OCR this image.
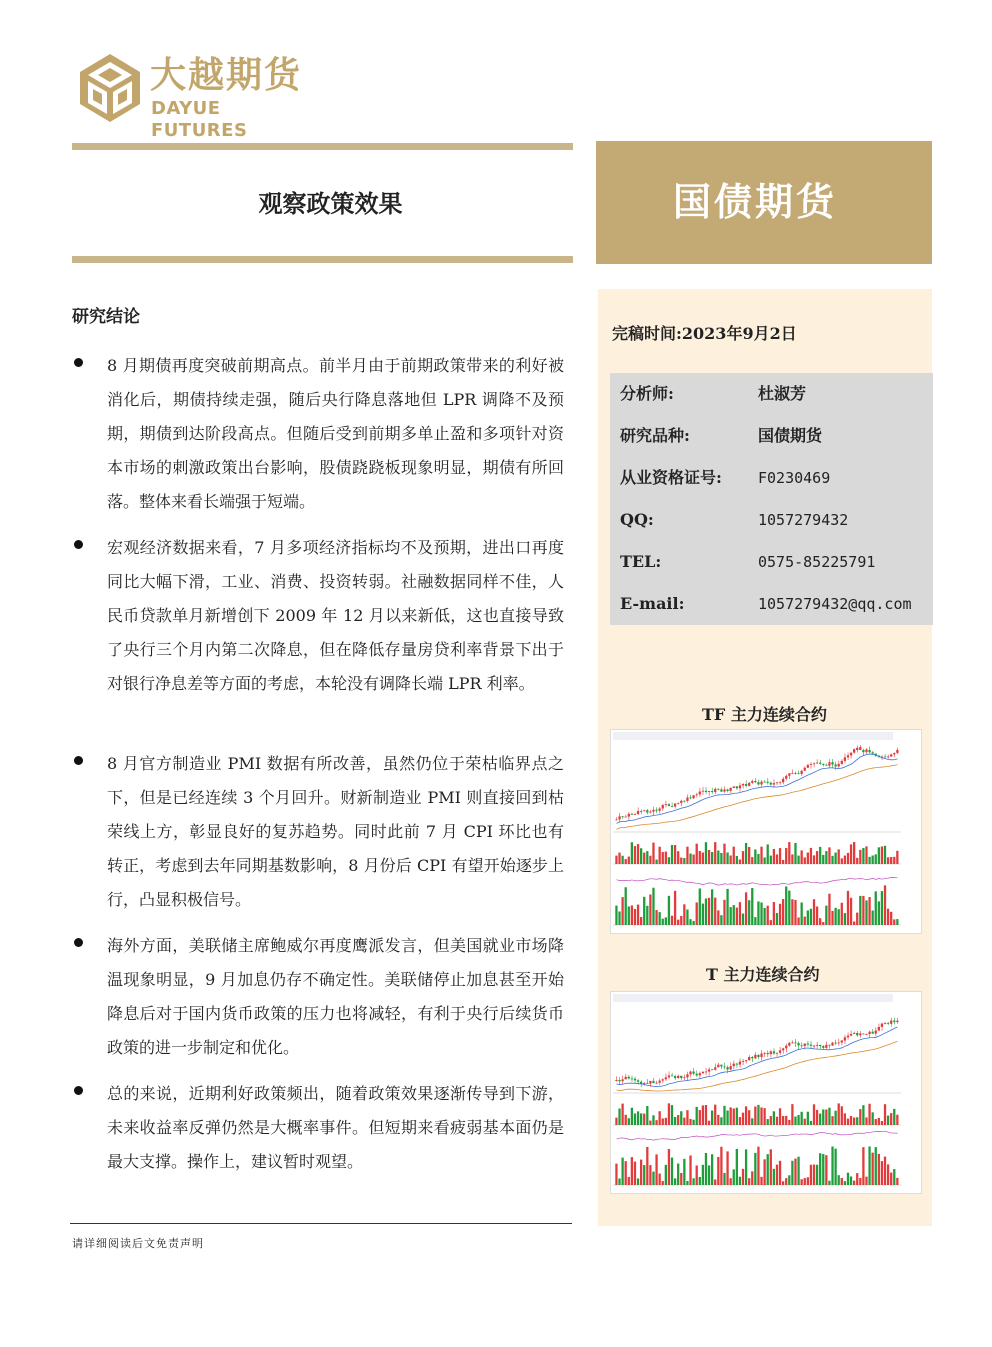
大越期货
DAYUE FUTURES
观察政策效果	国债期货
完稿时间:2023年9月2日
分析师:	杜淑芳
研究品种:	国债期货
从业资格证号: F0230469
QQ:	1057279432
TEL:	0575-85225791
E-mail:	1057279432@qq.com
TF 主力连续合约
T 主力连续合约
研究结论
8 月期债再度突破前期高点。前半月由于前期政策带来的利好被消化后，期债持续走强，随后央行降息落地但 LPR 调降不及预期，期债到达阶段高点。但随后受到前期多单止盈和多项针对资本市场的刺激政策出台影响，股债跷跷板现象明显，期债有所回落。整体来看长端强于短端。
宏观经济数据来看，7 月多项经济指标均不及预期，进出口再度同比大幅下滑，工业、消费、投资转弱。社融数据同样不佳，人民币贷款单月新增创下 2009 年 12 月以来新低，这也直接导致了央行三个月内第二次降息，但在降低存量房贷利率背景下出于对银行净息差等方面的考虑，本轮没有调降长端 LPR 利率。
8 月官方制造业 PMI 数据有所改善，虽然仍位于荣枯临界点之下，但是已经连续 3 个月回升。财新制造业 PMI 则直接回到枯荣线上方，彰显良好的复苏趋势。同时此前 7 月 CPI 环比也有转正，考虑到去年同期基数影响，8 月份后 CPI 有望开始逐步上行，凸显积极信号。
海外方面，美联储主席鲍威尔再度鹰派发言，但美国就业市场降温现象明显，9 月加息仍存不确定性。美联储停止加息甚至开始降息后对于国内货币政策的压力也将减轻，有利于央行后续货币政策的进一步制定和优化。
总的来说，近期利好政策频出，随着政策效果逐渐传导到下游，未来收益率反弹仍然是大概率事件。但短期来看疲弱基本面仍是最大支撑。操作上，建议暂时观望。
请详细阅读后文免责声明
